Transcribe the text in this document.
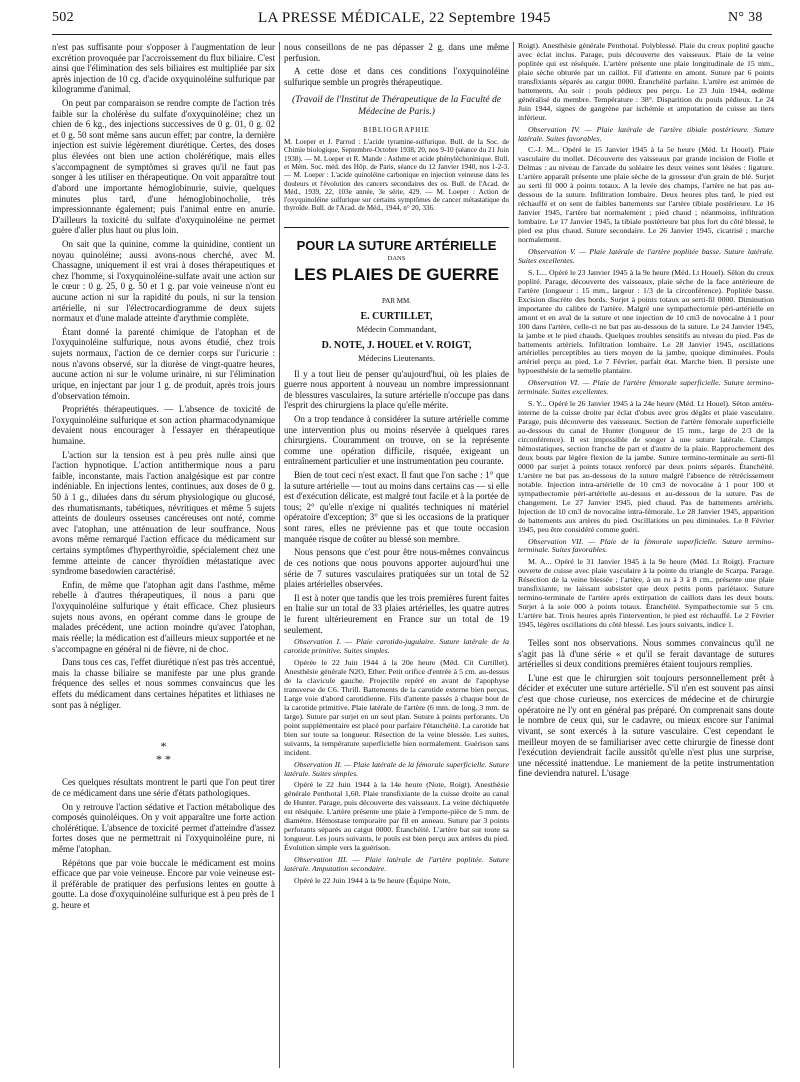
502	LA PRESSE MÉDICALE, 22 Septembre 1945	N° 38

n'est pas suffisante pour s'opposer à l'augmentation de leur excrétion provoquée par l'accroissement du flux biliaire. C'est ainsi que l'élimination des sels biliaires est multipliée par six après injection de 10 cg. d'acide oxyquinoléine sulfurique par kilogramme d'animal.

On peut par comparaison se rendre compte de l'action très faible sur la cholérèse du sulfate d'oxyquinoléine; chez un chien de 6 kg., des injections successives de 0 g. 01, 0 g. 02 et 0 g. 50 sont même sans aucun effet; par contre, la dernière injection est suivie légèrement diurétique. Certes, des doses plus élevées ont bien une action cholérétique, mais elles s'accompagnent de symptômes si graves qu'il ne faut pas songer à les utiliser en thérapeutique. On voit apparaître tout d'abord une importante hémoglobinurie, suivie, quelques minutes plus tard, d'une hémoglobinocholie, très impressionnante également; puis l'animal entre en anurie. D'ailleurs la toxicité du sulfate d'oxyquinoléine ne permet guère d'aller plus haut ou plus loin.

On sait que la quinine, comme la quinidine, contient un noyau quinoléine; aussi avons-nous cherché, avec M. Chassagne, uniquement il est vrai à doses thérapeutiques et chez l'homme, si l'oxyquinoléine-sulfate avait une action sur le cœur : 0 g. 25, 0 g. 50 et 1 g. par voie veineuse n'ont eu aucune action ni sur la rapidité du pouls, ni sur la tension artérielle, ni sur l'électrocardiogramme de deux sujets normaux et d'une malade atteinte d'arythmie complète.

Étant donné la parenté chimique de l'atophan et de l'oxyquinoléine sulfurique, nous avons étudié, chez trois sujets normaux, l'action de ce dernier corps sur l'uricurie : nous n'avons observé, sur la diurèse de vingt-quatre heures, aucune action ni sur le volume urinaire, ni sur l'élimination urique, en injectant par jour 1 g. de produit, après trois jours d'observation témoin.

Propriétés thérapeutiques. — L'absence de toxicité de l'oxyquinoléine sulfurique et son action pharmacodynamique devaient nous encourager à l'essayer en thérapeutique humaine.

L'action sur la tension est à peu près nulle ainsi que l'action hypnotique. L'action antithermique nous a paru faible, inconstante, mais l'action analgésique est par contre indéniable. En injections lentes, continues, aux doses de 0 g. 50 à 1 g., diluées dans du sérum physiologique ou glucosé, des rhumatismants, tabétiques, névritiques et même 5 sujets atteints de douleurs osseuses cancéreuses ont noté, comme avec l'atophan, une atténuation de leur souffrance. Nous avons même remarqué l'action efficace du médicament sur certains symptômes d'hyperthyroïdie, spécialement chez une femme atteinte de cancer thyroïdien métastatique avec syndrome basedowien caractérisé.

Enfin, de même que l'atophan agit dans l'asthme, même rebelle à d'autres thérapeutiques, il nous a paru que l'oxyquinoléine sulfurique y était efficace. Chez plusieurs sujets nous avons, en opérant comme dans le groupe de malades précédent, une action moindre qu'avec l'atophan, mais réelle; la médication est d'ailleurs mieux supportée et ne s'accompagne en général ni de fièvre, ni de choc.

Dans tous ces cas, l'effet diurétique n'est pas très accentué, mais la chasse biliaire se manifeste par une plus grande fréquence des selles et nous sommes convaincus que les effets du médicament dans certaines hépatites et lithiases ne sont pas à négliger.

*
* *

Ces quelques résultats montrent le parti que l'on peut tirer de ce médicament dans une série d'états pathologiques.

On y retrouve l'action sédative et l'action métabolique des composés quinoléiques. On y voit apparaître une forte action cholérétique. L'absence de toxicité permet d'atteindre d'assez fortes doses que ne permettrait ni l'oxyquinoléine pure, ni même l'atophan.

Répétons que par voie buccale le médicament est moins efficace que par voie veineuse. Encore par voie veineuse est-il préférable de pratiquer des perfusions lentes en goutte à goutte. La dose d'oxyquinoléine sulfurique est à peu près de 1 g. heure et

nous conseillons de ne pas dépasser 2 g. dans une même perfusion.

A cette dose et dans ces conditions l'oxyquinoléine sulfurique semble un progrès thérapeutique.

(Travail de l'Institut de Thérapeutique de la Faculté de Médecine de Paris.)
BIBLIOGRAPHIE
M. Loeper et J. Parrod : L'acide tyramine-sulfurique. Bull. de la Soc. de Chimie biologique, Septembre-Octobre 1938, 20, nos 9-10 (séance du 21 Juin 1938). — M. Loeper et R. Mande : Asthme et acide phényléchoninique. Bull. et Mém. Soc. méd. des Hôp. de Paris, séance du 12 Janvier 1940, nos 1-2-3. — M. Loeper : L'acide quinoléine carbonique en injection veineuse dans les douleurs et l'évolution des cancers secondaires des os. Bull. de l'Acad. de Méd., 1939, 22, 103e année, 3e série, 429. — M. Loeper : Action de l'oxyquinoléine sulfurique sur certains symptômes de cancer métastatique du thyroïde. Bull. de l'Acad. de Méd., 1944, n° 20, 336.
POUR LA SUTURE ARTÉRIELLE
DANS
LES PLAIES DE GUERRE
PAR MM.
E. CURTILLET,
Médecin Commandant,
D. NOTE, J. HOUEL et V. ROIGT,
Médecins Lieutenants.

Il y a tout lieu de penser qu'aujourd'hui, où les plaies de guerre nous apportent à nouveau un nombre impressionnant de blessures vasculaires, la suture artérielle n'occupe pas dans l'esprit des chirurgiens la place qu'elle mérite.

On a trop tendance à considérer la suture artérielle comme une intervention plus ou moins réservée à quelques rares chirurgiens. Couramment on trouve, on se la représente comme une opération difficile, risquée, exigeant un entraînement particulier et une instrumentation peu courante.

Bien de tout ceci n'est exact. Il faut que l'on sache : 1° que la suture artérielle — tout au moins dans certains cas — si elle est d'exécution délicate, est malgré tout facile et à la portée de tous; 2° qu'elle n'exige ni qualités techniques ni matériel opératoire d'exception; 3° que si les occasions de la pratiquer sont rares, elles ne prévienne pas et que toute occasion manquée risque de coûter au blessé son membre.

Nous pensons que c'est pour être nous-mêmes convaincus de ces notions que nous pouvons apporter aujourd'hui une série de 7 sutures vasculaires pratiquées sur un total de 52 plaies artérielles observées.

Il est à noter que tandis que les trois premières furent faites en Italie sur un total de 33 plaies artérielles, les quatre autres le furent ultérieurement en France sur un total de 19 seulement.

Observation I. — Plaie carotido-jugulaire. Suture latérale de la carotide primitive. Suites simples.

Opérée le 22 Juin 1944 à la 20e heure (Méd. Cit Curtillet). Anesthésie générale N2O, Ether. Petit orifice d'entrée à 5 cm. au-dessus de la clavicule gauche. Projectile repéré en avant de l'apophyse transverse de C6. Thrill. Battements de la carotide externe bien perçus. Large voie d'abord carotidienne. Fils d'attente passés à chaque bout de la carotide primitive. Plaie latérale de l'artère (6 mm. de long, 3 mm. de large). Suture par surjet en un seul plan. Suture à points perforants. Un point supplémentaire est placé pour parfaire l'étanchéité. La carotide bat bien sur toute sa longueur. Résection de la veine blessée. Les suites, suivants, la température superficielle bien normalement. Guérison sans incident.

Observation II. — Plaie latérale de la fémorale superficielle. Suture latérale. Suites simples.

Opéré le 22 Juin 1944 à la 14e heure (Note, Roigt). Anesthésie générale Penthotal 1,60. Plaie transfixiante de la cuisse droite au canal de Hunter. Parage, puis découverte des vaisseaux. La veine déchiquetée est réséquée. L'artère présente une plaie à l'emporte-pièce de 5 mm. de diamètre. Hémostase temporaire par fil en anneau. Suture par 3 points perforants séparés au catgut 0000. Étanchéité. L'artère bat sur toute sa longueur. Les jours suivants, le pouls est bien perçu aux artères du pied. Évolution simple vers la guérison.

Observation III. — Plaie latérale de l'artère poplitée. Suture latérale. Amputation secondaire.

Opéré le 22 Juin 1944 à la 9e heure (Équipe Note,

Roigt). Anesthésie générale Penthotal. Polyblessé. Plaie du creux poplité gauche avec éclat inclus. Parage, puis découverte des vaisseaux. Plaie de la veine poplitée qui est réséquée. L'artère présente une plaie longitudinale de 15 mm., plaie sèche obturée par un caillot. Fil d'attente en amont. Suture par 6 points transfixiants séparés au catgut 0000. Étanchéité parfaite. L'artère est animée de battements. Au soir : pouls pédieux peu perçu. Le 23 Juin 1944, œdème généralisé du membre. Température : 38°. Disparition du pouls pédieux. Le 24 Juin 1944, signes de gangrène par ischémie et amputation de cuisse au tiers inférieur.

Observation IV. — Plaie latérale de l'artère tibiale postérieure. Suture latérale. Suites favorables.

C.-J. M... Opéré le 15 Janvier 1945 à la 5e heure (Méd. Lt Houel). Plaie vasculaire du mollet. Découverte des vaisseaux par grande incision de Fiolle et Delmas : au niveau de l'arcade du soléaire les deux veines sont lésées : ligature. L'artère apparaît présente une plaie sèche de la grosseur d'un grain de blé. Surjet au serti fil 000 à points totaux. A la levée des champs, l'artère ne bat pas au-dessous de la suture. Infiltration lombaire. Deux heures plus tard, le pied est réchauffé et on sent de faibles battements sur l'artère tibiale postérieure. Le 16 Janvier 1945, l'artère bat normalement ; pied chaud ; néanmoins, infiltration lombaire. Le 17 Janvier 1945, la tibiale postérieure bat plus fort du côté blessé, le pied est plus chaud. Suture secondaire. Le 26 Janvier 1945, cicatrisé ; marche normalement.

Observation V. — Plaie latérale de l'artère poplitée basse. Suture latérale. Suites excellentes.

S. L... Opéré le 23 Janvier 1945 à la 9e heure (Méd. Lt Houel). Sélon du creux poplité. Parage, découverte des vaisseaux, plaie sèche de la face antérieure de l'artère (longueur : 15 mm., largeur : 1/3 de la circonférence). Poplitée basse. Excision discrète des bords. Surjet à points totaux au serti-fil 0000. Diminution importante du calibre de l'artère. Malgré une sympathectomie péri-artérielle en amont et en aval de la suture et une injection de 10 cm3 de novocaïne à 1 pour 100 dans l'artère, celle-ci ne bat pas au-dessous de la suture. Le 24 Janvier 1945, la jambe et le pied chauds. Quelques troubles sensitifs au niveau du pied. Pas de battements artériels. Infiltration lombaire. Le 28 Janvier 1945, oscillations artérielles perceptibles au tiers moyen de la jambe, quoique diminuées. Pouls artériel perçu au pied. Le 7 Février, parfait état. Marche bien. Il persiste une hypoesthésie de la semelle plantaire.

Observation VI. — Plaie de l'artère fémorale superficielle. Suture termino-terminale. Suites excellentes.

S. Y... Opéré le 26 Janvier 1945 à la 24e heure (Méd. Lt Houel). Séton antéro-interne de la cuisse droite par éclat d'obus avec gros dégâts et plaie vasculaire. Parage, puis découverte des vaisseaux. Section de l'artère fémorale superficielle au-dessous du canal de Hunter (longueur de 15 mm., large de 2/3 de la circonférence). Il est impossible de songer à une suture latérale. Clamps hémostatiques, section franche de part et d'autre de la plaie. Rapprochement des deux bouts par légère flexion de la jambe. Suture termino-terminale au serti-fil 0000 par surjet à points totaux renforcé par deux points séparés. Étanchéité. L'artère ne bat pas au-dessous de la suture malgré l'absence de rétrécissement notable. Injection intra-artérielle de 10 cm3 de novocaïne à 1 pour 100 et sympathectomie péri-artérielle au-dessus et au-dessous de la suture. Pas de changement. Le 27 Janvier 1945, pied chaud. Pas de battements artériels. Injection de 10 cm3 de novocaïne intra-fémorale. Le 28 Janvier 1945, apparition de battements aux artères du pied. Oscillations un peu diminuées. Le 8 Février 1945, peu être considéré comme guéri.

Observation VII. — Plaie de la fémorale superficielle. Suture termino-terminale. Suites favorables.

M. A... Opéré le 31 Janvier 1945 à la 9e heure (Méd. Lt Roigt). Fracture ouverte de cuisse avec plaie vasculaire à la pointe du triangle de Scarpa. Parage. Résection de la veine blessée ; l'artère, à un ru à 3 à 8 cm., présente une plaie transfixiante, ne laissant subsister que deux petits ponts pariétaux. Suture termino-terminale de l'artère après extirpation de caillots dans les deux bouts. Surjet à la soie 000 à points totaux. Étanchéité. Sympathectomie sur 5 cm. L'artère bat. Trois heures après l'intervention, le pied est réchauffé. Le 2 Février 1945, légères oscillations du côté blessé. Les jours suivants, indice 1.

Telles sont nos observations. Nous sommes convaincus qu'il ne s'agit pas là d'une série « et qu'il se ferait davantage de sutures artérielles si deux conditions premières étaient toujours remplies.

L'une est que le chirurgien soit toujours personnellement prêt à décider et exécuter une suture artérielle. S'il n'en est souvent pas ainsi c'est que chose curieuse, nos exercices de médecine et de chirurgie opératoire ne l'y ont en général pas préparé. On comprenait sans doute le nombre de ceux qui, sur le cadavre, ou mieux encore sur l'animal vivant, se sont exercés à la suture vasculaire. C'est cependant le meilleur moyen de se familiariser avec cette chirurgie de finesse dont l'exécution deviendrait facile aussitôt qu'elle n'est plus une surprise, une nécessité inattendue. Le maniement de la petite instrumentation fine deviendra naturel. L'usage
